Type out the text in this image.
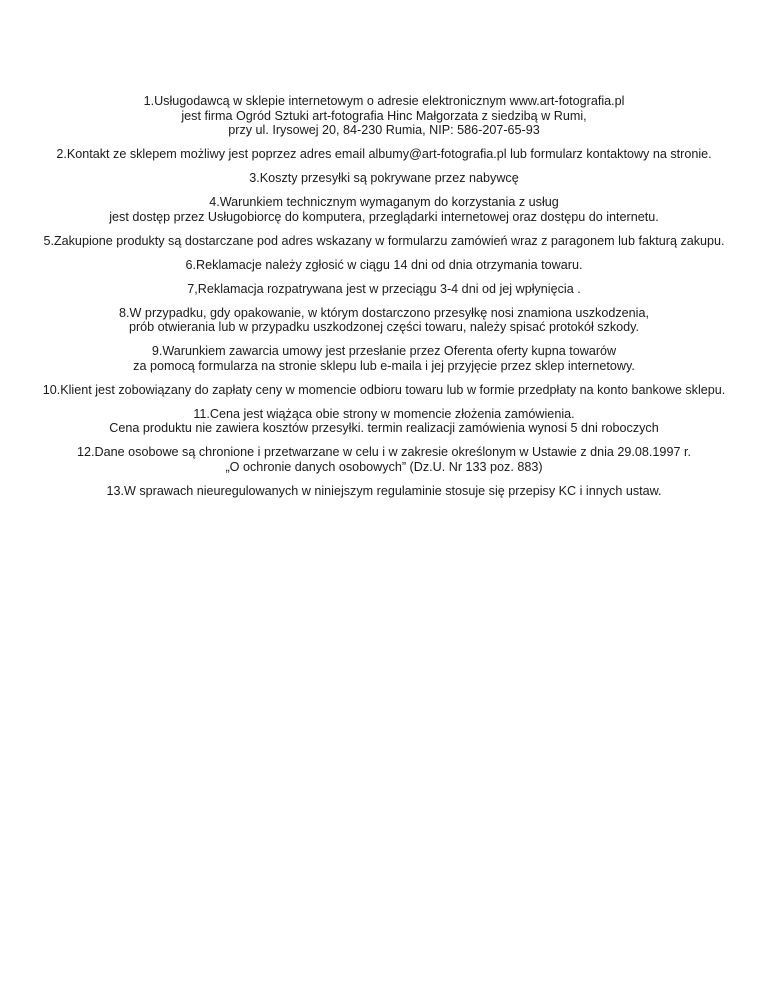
1.Usługodawcą w sklepie internetowym o adresie elektronicznym www.art-fotografia.pl
jest firma Ogród Sztuki art-fotografia Hinc Małgorzata z siedzibą w Rumi,
przy ul. Irysowej 20, 84-230 Rumia, NIP: 586-207-65-93

2.Kontakt ze sklepem możliwy jest poprzez adres email albumy@art-fotografia.pl lub formularz kontaktowy na stronie.

3.Koszty przesyłki są pokrywane przez nabywcę

4.Warunkiem technicznym wymaganym do korzystania z usług
jest dostęp przez Usługobiorcę do komputera, przeglądarki internetowej oraz dostępu do internetu.

5.Zakupione produkty są dostarczane pod adres wskazany w formularzu zamówień wraz z paragonem lub fakturą zakupu.

6.Reklamacje należy zgłosić w ciągu 14 dni od dnia otrzymania towaru.

7,Reklamacja rozpatrywana jest w przeciągu 3-4 dni od jej wpłynięcia .

8.W przypadku, gdy opakowanie, w którym dostarczono przesyłkę nosi znamiona uszkodzenia,
prób otwierania lub w przypadku uszkodzonej części towaru, należy spisać protokół szkody.

9.Warunkiem zawarcia umowy jest przesłanie przez Oferenta oferty kupna towarów
za pomocą formularza na stronie sklepu lub e-maila i jej przyjęcie przez sklep internetowy.

10.Klient jest zobowiązany do zapłaty ceny w momencie odbioru towaru lub w formie przedpłaty na konto bankowe sklepu.

11.Cena jest wiążąca obie strony w momencie złożenia zamówienia.
Cena produktu nie zawiera kosztów przesyłki. termin realizacji zamówienia wynosi 5 dni roboczych

12.Dane osobowe są chronione i przetwarzane w celu i w zakresie określonym w Ustawie z dnia 29.08.1997 r.
„O ochronie danych osobowych” (Dz.U. Nr 133 poz. 883)

13.W sprawach nieuregulowanych w niniejszym regulaminie stosuje się przepisy KC i innych ustaw.
